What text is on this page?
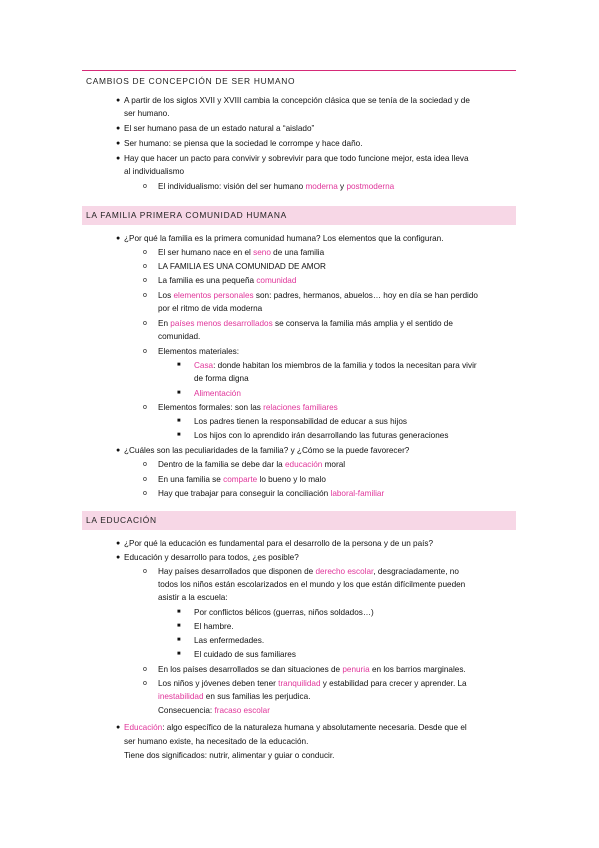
CAMBIOS DE CONCEPCIÓN DE SER HUMANO
● A partir de los siglos XVII y XVIII cambia la concepción clásica que se tenía de la sociedad y de
ser humano.
● El ser humano pasa de un estado natural a “aislado”
● Ser humano: se piensa que la sociedad le corrompe y hace daño.
● Hay que hacer un pacto para convivir y sobrevivir para que todo funcione mejor, esta idea lleva
al individualismo
o El individualismo: visión del ser humano moderna y postmoderna
LA FAMILIA PRIMERA COMUNIDAD HUMANA
● ¿Por qué la familia es la primera comunidad humana? Los elementos que la configuran.
o El ser humano nace en el seno de una familia
o LA FAMILIA ES UNA COMUNIDAD DE AMOR
o La familia es una pequeña comunidad
o Los elementos personales son: padres, hermanos, abuelos… hoy en día se han perdido
por el ritmo de vida moderna
o En países menos desarrollados se conserva la familia más amplia y el sentido de
comunidad.
o Elementos materiales:
■ Casa: donde habitan los miembros de la familia y todos la necesitan para vivir
de forma digna
■ Alimentación
o Elementos formales: son las relaciones familiares
■ Los padres tienen la responsabilidad de educar a sus hijos
■ Los hijos con lo aprendido irán desarrollando las futuras generaciones
● ¿Cuáles son las peculiaridades de la familia? y ¿Cómo se la puede favorecer?
o Dentro de la familia se debe dar la educación moral
o En una familia se comparte lo bueno y lo malo
o Hay que trabajar para conseguir la conciliación laboral-familiar
LA EDUCACIÓN
● ¿Por qué la educación es fundamental para el desarrollo de la persona y de un país?
● Educación y desarrollo para todos, ¿es posible?
o Hay países desarrollados que disponen de derecho escolar, desgraciadamente, no
todos los niños están escolarizados en el mundo y los que están difícilmente pueden
asistir a la escuela:
■ Por conflictos bélicos (guerras, niños soldados…)
■ El hambre.
■ Las enfermedades.
■ El cuidado de sus familiares
o En los países desarrollados se dan situaciones de penuria en los barrios marginales.
o Los niños y jóvenes deben tener tranquilidad y estabilidad para crecer y aprender. La
inestabilidad en sus familias les perjudica.
Consecuencia: fracaso escolar
● Educación: algo específico de la naturaleza humana y absolutamente necesaria. Desde que el
ser humano existe, ha necesitado de la educación.
Tiene dos significados: nutrir, alimentar y guiar o conducir.
